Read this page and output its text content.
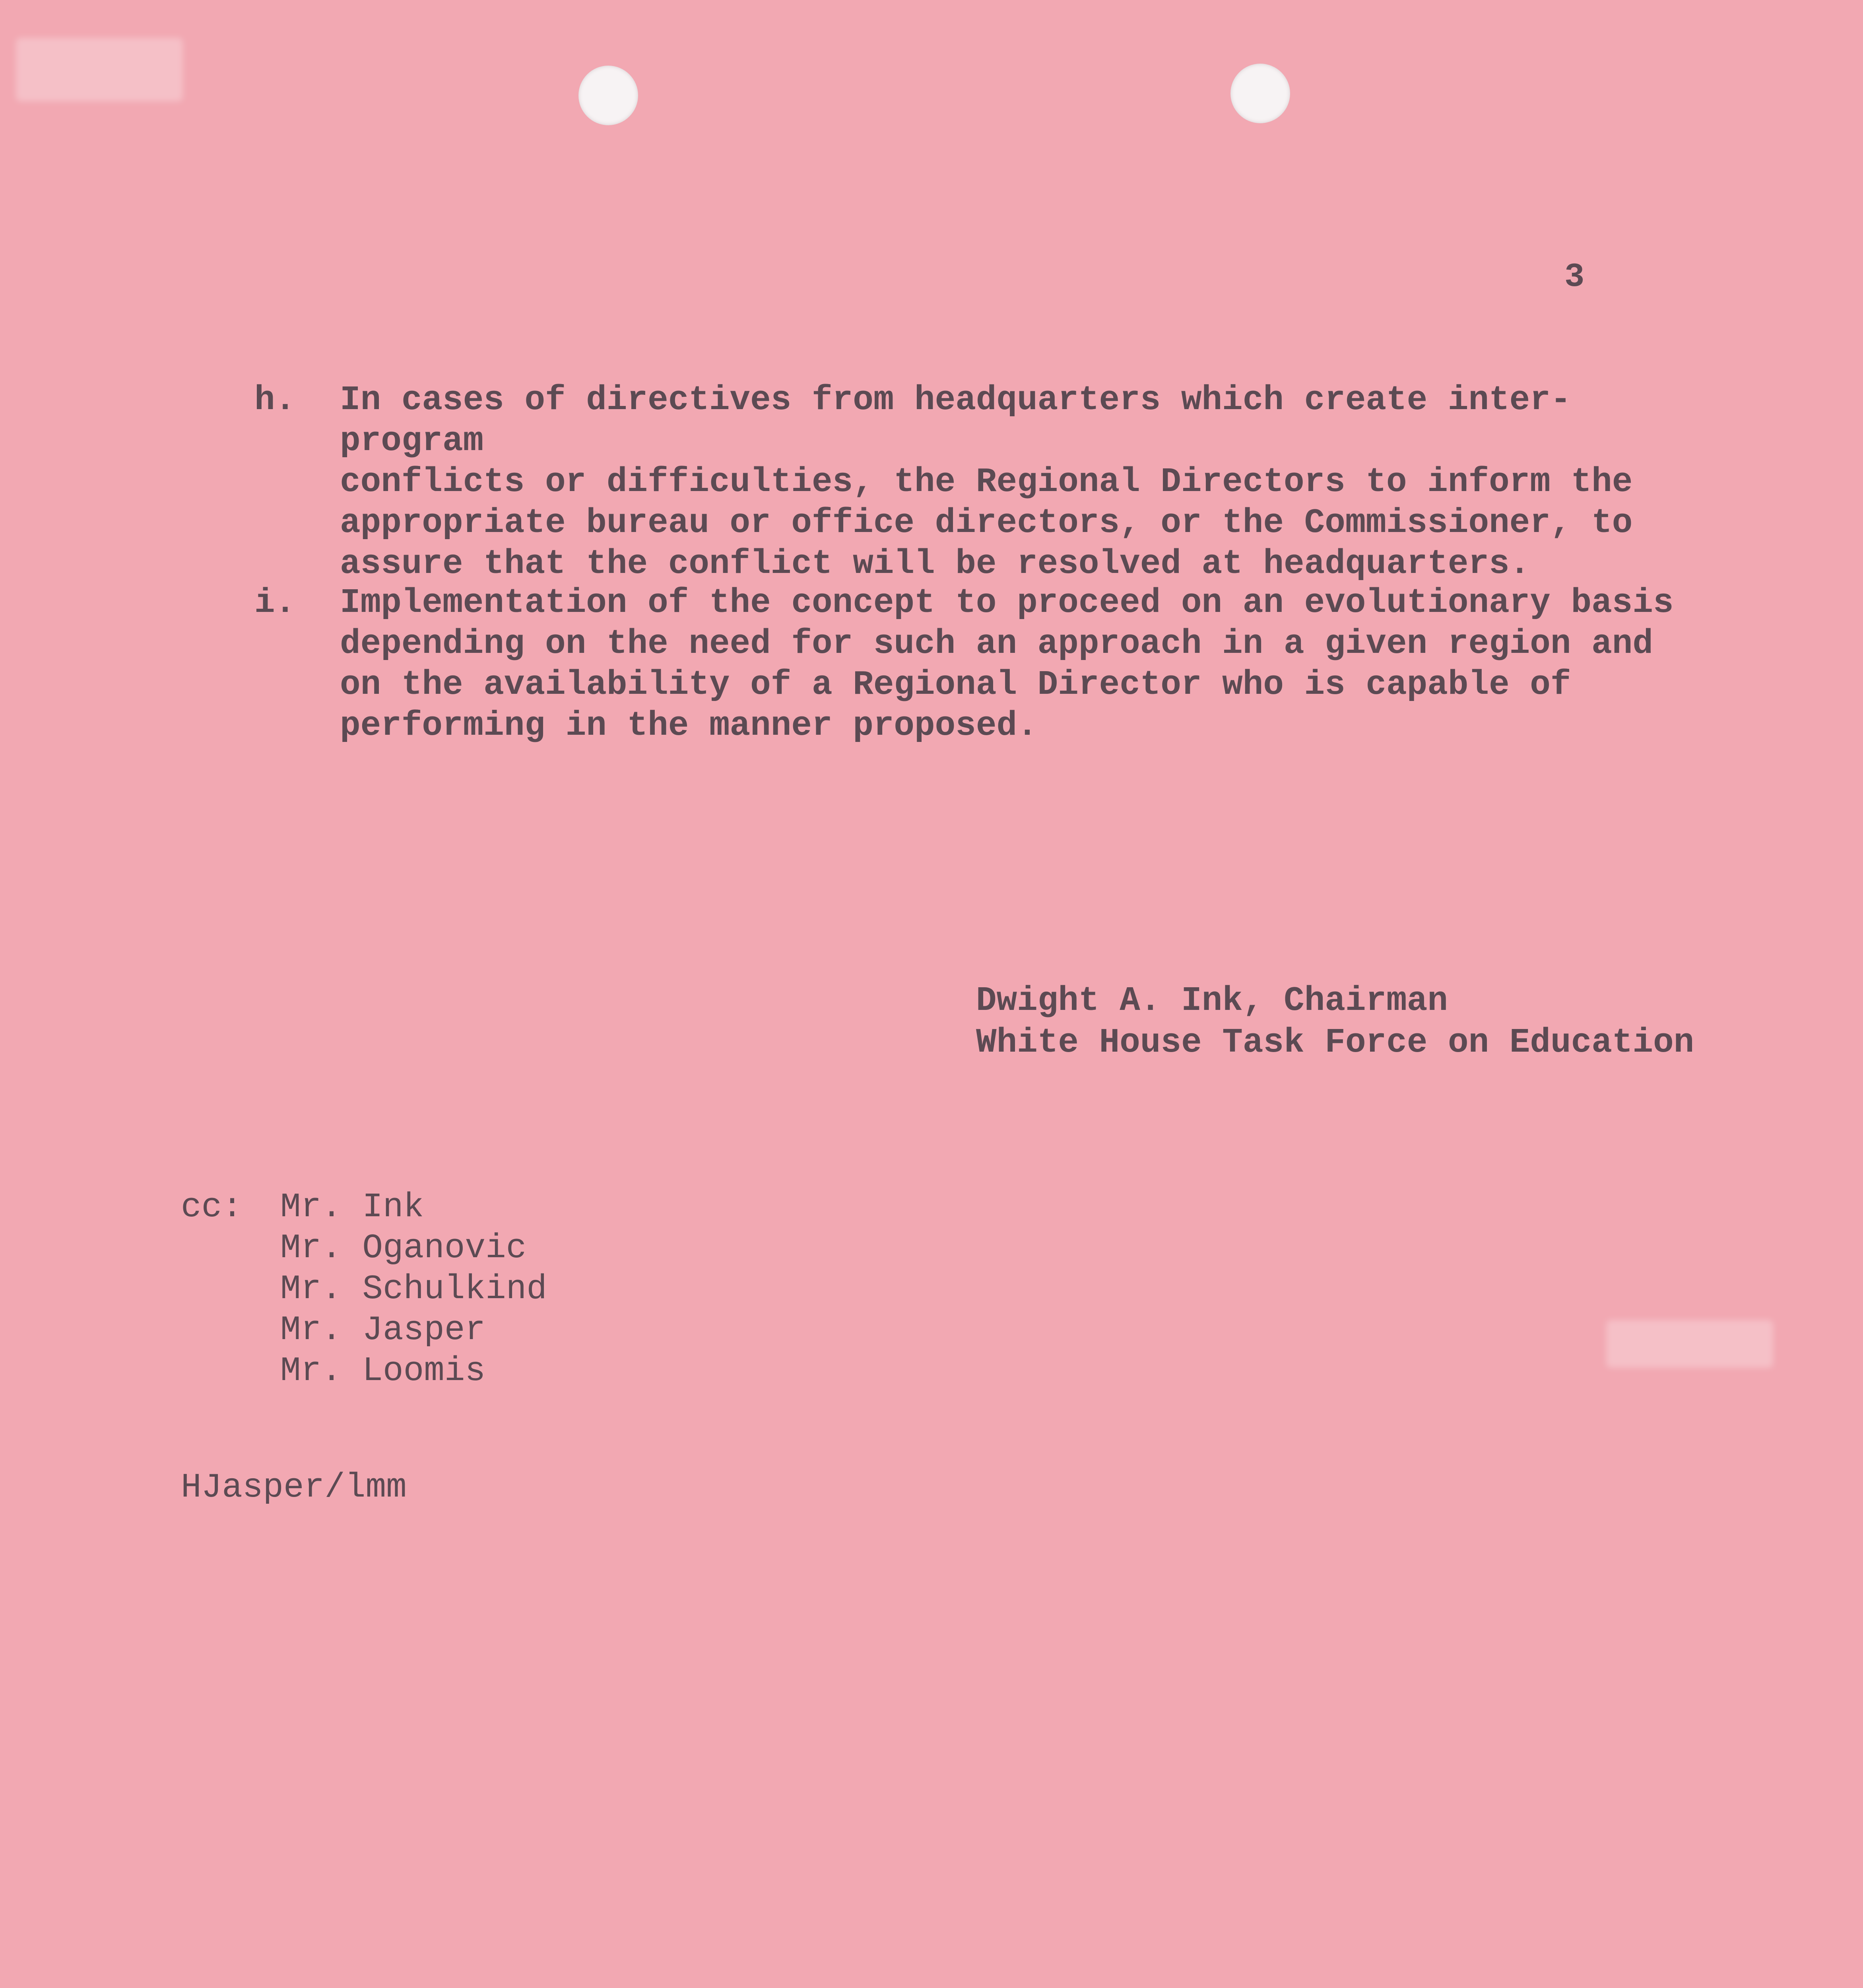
3
h. In cases of directives from headquarters which create inter-program
conflicts or difficulties, the Regional Directors to inform the
appropriate bureau or office directors, or the Commissioner, to
assure that the conflict will be resolved at headquarters.
i. Implementation of the concept to proceed on an evolutionary basis
depending on the need for such an approach in a given region and
on the availability of a Regional Director who is capable of
performing in the manner proposed.
Dwight A. Ink, Chairman
White House Task Force on Education
cc: Mr. Ink
Mr. Oganovic
Mr. Schulkind
Mr. Jasper
Mr. Loomis
HJasper/lmm
